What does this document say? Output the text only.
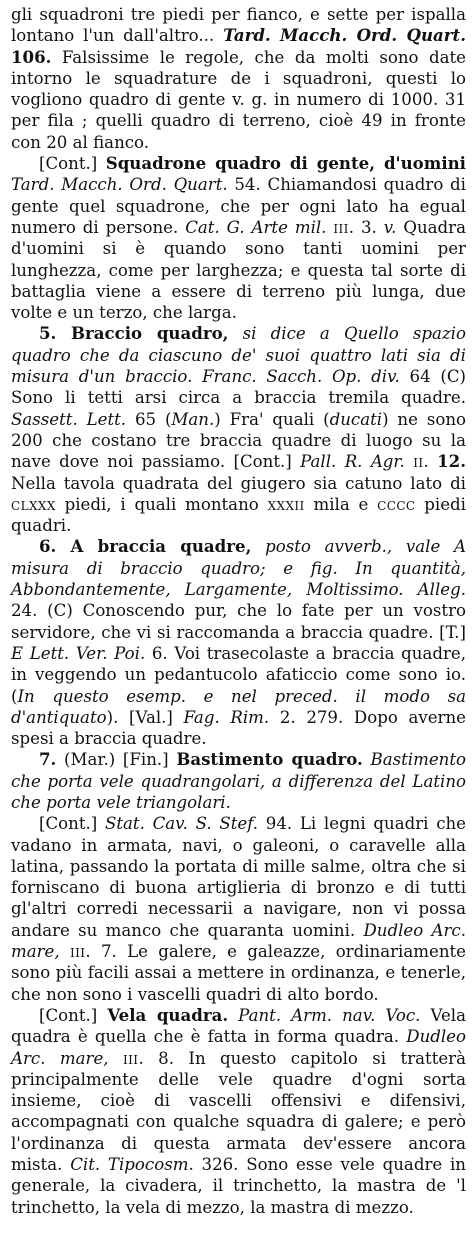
gli squadroni tre piedi per fianco, e sette per ispalla lontano l'un dall'altro... Tard. Macch. Ord. Quart. 106. Falsissime le regole, che da molti sono date intorno le squadrature de i squadroni, questi lo vogliono quadro di gente v. g. in numero di 1000. 31 per fila ; quelli quadro di terreno, cioè 49 in fronte con 20 al fianco.

[Cont.] Squadrone quadro di gente, d'uomini Tard. Macch. Ord. Quart. 54. Chiamandosi quadro di gente quel squadrone, che per ogni lato ha egual numero di persone. Cat. G. Arte mil. iii. 3. v. Quadra d'uomini si è quando sono tanti uomini per lunghezza, come per larghezza; e questa tal sorte di battaglia viene a essere di terreno più lunga, due volte e un terzo, che larga.

5. Braccio quadro, si dice a Quello spazio quadro che da ciascuno de' suoi quattro lati sia di misura d'un braccio. Franc. Sacch. Op. div. 64 (C) Sono li tetti arsi circa a braccia tremila quadre. Sassett. Lett. 65 (Man.) Fra' quali (ducati) ne sono 200 che costano tre braccia quadre di luogo su la nave dove noi passiamo. [Cont.] Pall. R. Agr. ii. 12. Nella tavola quadrata del giugero sia catuno lato di clxxx piedi, i quali montano xxxii mila e cccc piedi quadri.

6. A braccia quadre, posto avverb., vale A misura di braccio quadro; e fig. In quantità, Abbondantemente, Largamente, Moltissimo. Alleg. 24. (C) Conoscendo pur, che lo fate per un vostro servidore, che vi si raccomanda a braccia quadre. [T.] E Lett. Ver. Poi. 6. Voi trasecolaste a braccia quadre, in veggendo un pedantucolo afaticcio come sono io. (In questo esemp. e nel preced. il modo sa d'antiquato). [Val.] Fag. Rim. 2. 279. Dopo averne spesi a braccia quadre.

7. (Mar.) [Fin.] Bastimento quadro. Bastimento che porta vele quadrangolari, a differenza del Latino che porta vele triangolari.

[Cont.] Stat. Cav. S. Stef. 94. Li legni quadri che vadano in armata, navi, o galeoni, o caravelle alla latina, passando la portata di mille salme, oltra che si forniscano di buona artiglieria di bronzo e di tutti gl'altri corredi necessarii a navigare, non vi possa andare su manco che quaranta uomini. Dudleo Arc. mare, iii. 7. Le galere, e galeazze, ordinariamente sono più facili assai a mettere in ordinanza, e tenerle, che non sono i vascelli quadri di alto bordo.

[Cont.] Vela quadra. Pant. Arm. nav. Voc. Vela quadra è quella che è fatta in forma quadra. Dudleo Arc. mare, iii. 8. In questo capitolo si tratterà principalmente delle vele quadre d'ogni sorta insieme, cioè di vascelli offensivi e difensivi, accompagnati con qualche squadra di galere; e però l'ordinanza di questa armata dev'essere ancora mista. Cit. Tipocosm. 326. Sono esse vele quadre in generale, la civadera, il trinchetto, la mastra de 'l trinchetto, la vela di mezzo, la mastra di mezzo.
